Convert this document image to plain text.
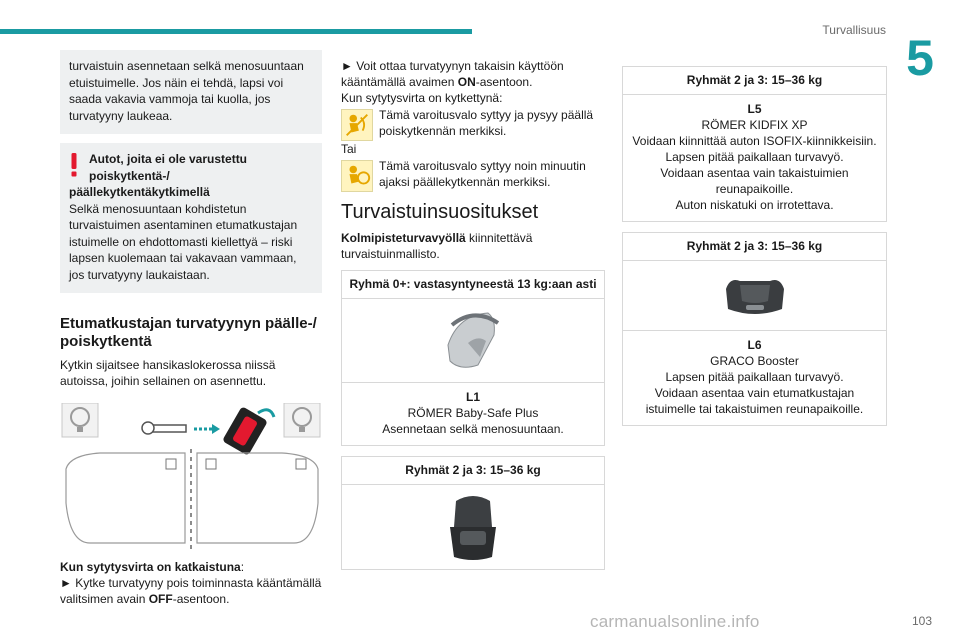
Turvallisuus 5
turvaistuin asennetaan selkä menosuuntaan etuistuimelle. Jos näin ei tehdä, lapsi voi saada vakavia vammoja tai kuolla, jos turvatyyny laukeaa.
Autot, joita ei ole varustettu poiskytkentä-/
päällekytkentäkytkimellä
Selkä menosuuntaan kohdistetun turvaistuimen asentaminen etumatkustajan istuimelle on ehdottomasti kiellettyä – riski lapsen kuolemaan tai vakavaan vammaan, jos turvatyyny laukaistaan.
Etumatkustajan turvatyynyn päälle-/ poiskytkentä

Kytkin sijaitsee hansikaslokerossa niissä autoissa, joihin sellainen on asennettu.

Kun sytytysvirta on katkaistuna:
► Kytke turvatyyny pois toiminnasta kääntämällä valitsimen avain OFF-asentoon.

► Voit ottaa turvatyynyn takaisin käyttöön kääntämällä avaimen ON-asentoon.

Kun sytytysvirta on kytkettynä:

Tämä varoitusvalo syttyy ja pysyy päällä poiskytkennän merkiksi.

Tai

Tämä varoitusvalo syttyy noin minuutin ajaksi päällekytkennän merkiksi.
Turvaistuinsuositukset

Kolmipisteturvavyöllä kiinnitettävä turvaistuinmallisto.

Ryhmä 0+: vastasyntyneestä 13 kg:aan asti
L1
RÖMER Baby-Safe Plus
Asennetaan selkä menosuuntaan.
Ryhmät 2 ja 3: 15–36 kg
Ryhmät 2 ja 3: 15–36 kg
L5
RÖMER KIDFIX XP
Voidaan kiinnittää auton ISOFIX-kiinnikkeisiin.
Lapsen pitää paikallaan turvavyö.
Voidaan asentaa vain takaistuimien reunapaikoille.
Auton niskatuki on irrotettava.
Ryhmät 2 ja 3: 15–36 kg
L6
GRACO Booster
Lapsen pitää paikallaan turvavyö.
Voidaan asentaa vain etumatkustajan istuimelle tai takaistuimen reunapaikoille.
carmanualsonline.info	103
